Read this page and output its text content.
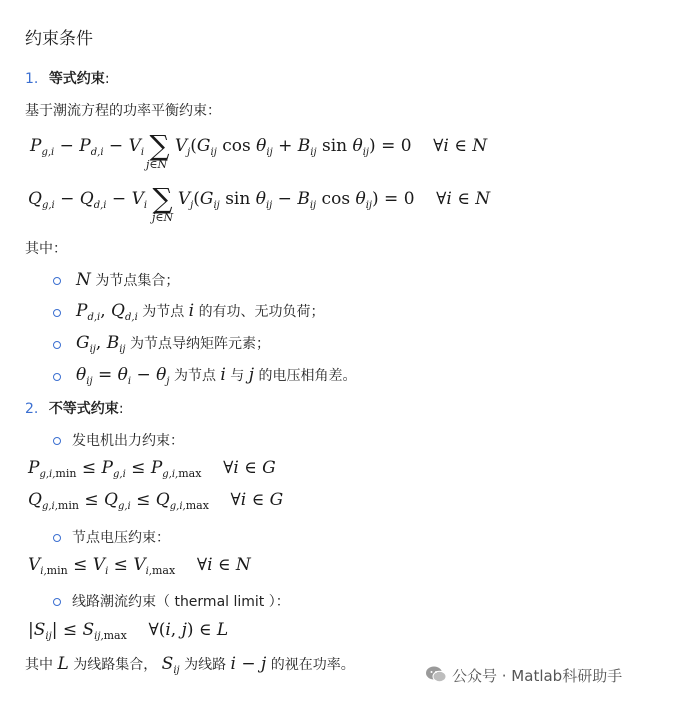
约束条件
1. 等式约束:
基于潮流方程的功率平衡约束：
$P_{g,i} - P_{d,i} - V_i$ ∑ $V_j(G_{ij}$ $\cos \theta_{ij} + B_{ij}$ $\sin \theta_{ij}) = 0$    ∀i ∈ N
j∈N
$Q_{g,i} - Q_{d,i} - V_i$ ∑ $V_j(G_{ij}$ $\sin \theta_{ij} - B_{ij}$ $\cos \theta_{ij}) = 0$    ∀i ∈ N
j∈N
其中：
N 为节点集合；
$P_{d,i}$, $Q_{d,i}$ 为节点 i 的有功、无功负荷；
$G_{ij}$, $B_{ij}$ 为节点导纳矩阵元素；
$\theta_{ij} = \theta_i - \theta_j$ 为节点 i 与 j 的电压相角差。
2. 不等式约束:
发电机出力约束：
$P_{g,i,min} \le P_{g,i} \le P_{g,i,max}$    ∀i ∈ G
$Q_{g,i,min} \le Q_{g,i} \le Q_{g,i,max}$    ∀i ∈ G
节点电压约束：
$V_{i,min} \le V_i \le V_{i,max}$    ∀i ∈ N
线路潮流约束（ thermal limit ）：
$|S_{ij}| \le S_{ij,max}$    ∀(i, j) ∈ L
其中 L 为线路集合， $S_{ij}$ 为线路 i − j 的视在功率。
公众号 · Matlab科研助手
